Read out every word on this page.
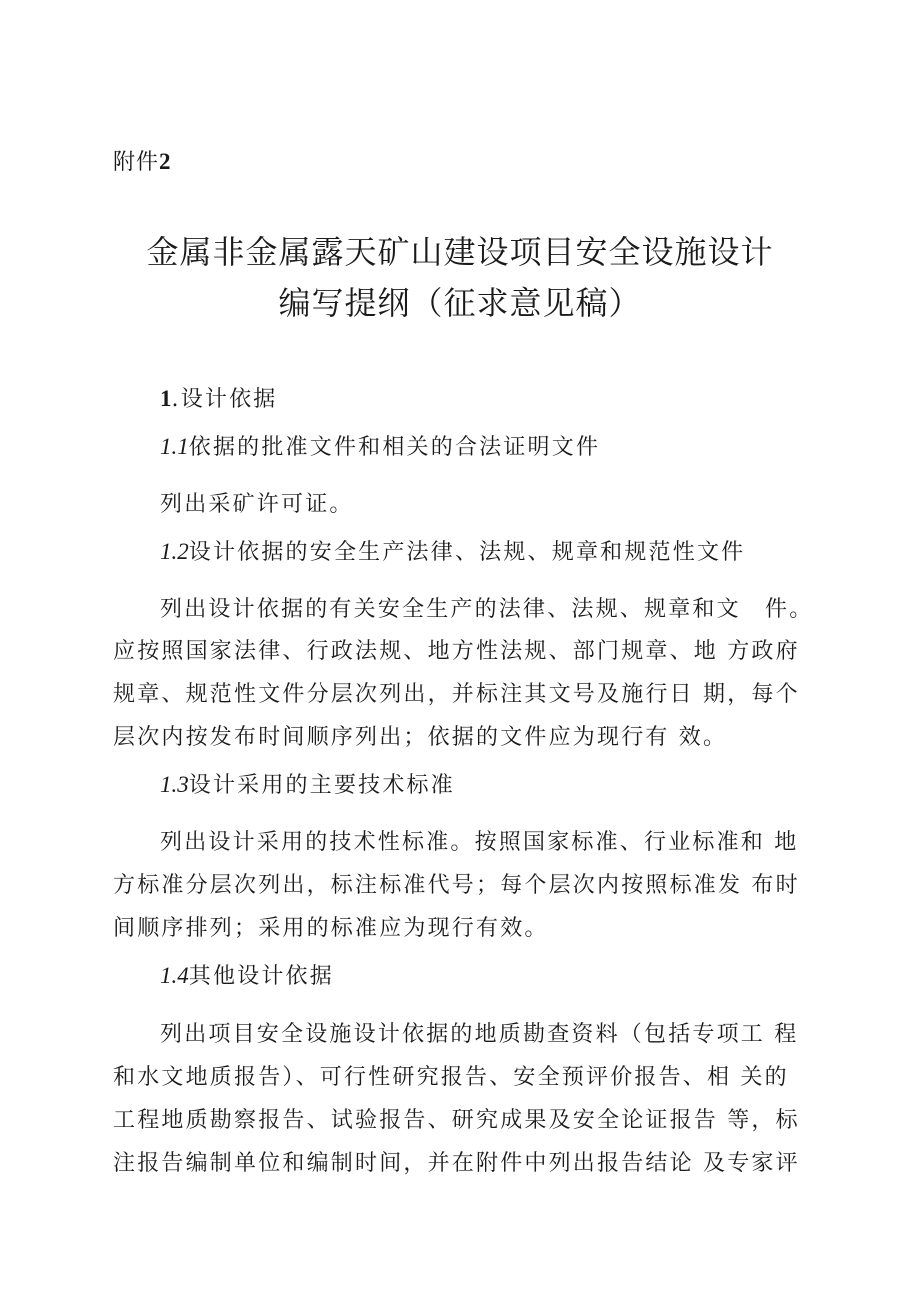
附件2
金属非金属露天矿山建设项目安全设施设计
编写提纲（征求意见稿）
1.设计依据
1.1依据的批准文件和相关的合法证明文件
列出采矿许可证。
1.2设计依据的安全生产法律、法规、规章和规范性文件
列出设计依据的有关安全生产的法律、法规、规章和文　件。
应按照国家法律、行政法规、地方性法规、部门规章、地 方政府
规章、规范性文件分层次列出，并标注其文号及施行日 期，每个
层次内按发布时间顺序列出；依据的文件应为现行有 效。
1.3设计采用的主要技术标准
列出设计采用的技术性标准。按照国家标准、行业标准和 地
方标准分层次列出，标注标准代号；每个层次内按照标准发 布时
间顺序排列；采用的标准应为现行有效。
1.4其他设计依据
列出项目安全设施设计依据的地质勘查资料（包括专项工 程
和水文地质报告）、可行性研究报告、安全预评价报告、相 关的
工程地质勘察报告、试验报告、研究成果及安全论证报告 等，标
注报告编制单位和编制时间，并在附件中列出报告结论 及专家评
